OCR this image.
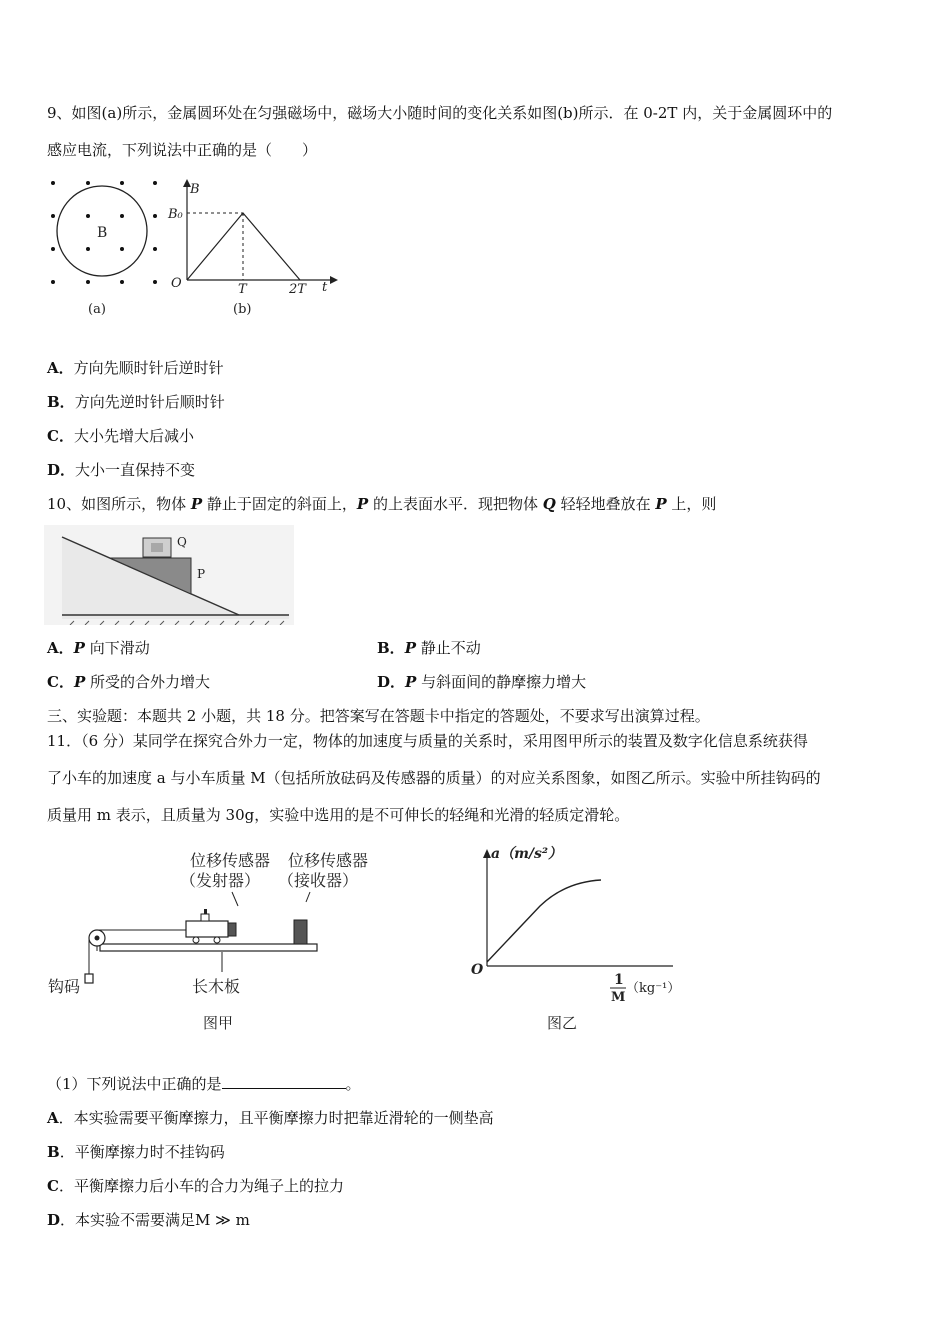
9、如图(a)所示，金属圆环处在匀强磁场中，磁场大小随时间的变化关系如图(b)所示．在 0-2T 内，关于金属圆环中的
感应电流，下列说法中正确的是（　　）
B
(a)
B
B₀
O	T	2T t
(b)
A．方向先顺时针后逆时针
B．方向先逆时针后顺时针
C．大小先增大后减小
D．大小一直保持不变
10、如图所示，物体 P 静止于固定的斜面上，P 的上表面水平．现把物体 Q 轻轻地叠放在 P 上，则
Q
P
A．P 向下滑动	B．P 静止不动
C．P 所受的合外力增大	D．P 与斜面间的静摩擦力增大
三、实验题：本题共 2 小题，共 18 分。把答案写在答题卡中指定的答题处，不要求写出演算过程。
11．（6 分）某同学在探究合外力一定，物体的加速度与质量的关系时，采用图甲所示的装置及数字化信息系统获得
了小车的加速度 a 与小车质量 M（包括所放砝码及传感器的质量）的对应关系图象，如图乙所示。实验中所挂钩码的
质量用 m 表示，且质量为 30g，实验中选用的是不可伸长的轻绳和光滑的轻质定滑轮。
位移传感器
（发射器）
位移传感器
（接收器）
钩码	长木板
图甲
a（m/s²）
O
1
M
（kg⁻¹）
图乙
（1）下列说法中正确的是	。
A．本实验需要平衡摩擦力，且平衡摩擦力时把靠近滑轮的一侧垫高
B．平衡摩擦力时不挂钩码
C．平衡摩擦力后小车的合力为绳子上的拉力
D．本实验不需要满足M ≫ m
